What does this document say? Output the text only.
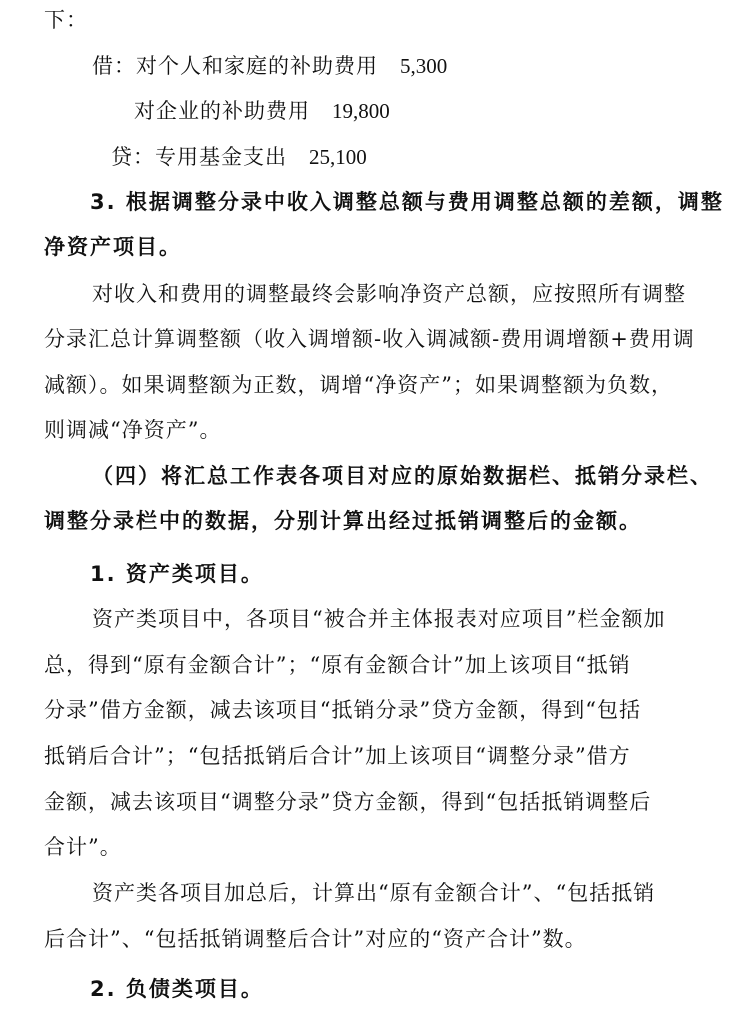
下：
借：对个人和家庭的补助费用 5,300
对企业的补助费用 19,800
贷：专用基金支出 25,100
3. 根据调整分录中收入调整总额与费用调整总额的差额，调整
净资产项目。
对收入和费用的调整最终会影响净资产总额，应按照所有调整
分录汇总计算调整额（收入调增额-收入调减额-费用调增额+费用调
减额）。如果调整额为正数，调增“净资产”；如果调整额为负数，
则调减“净资产”。
（四）将汇总工作表各项目对应的原始数据栏、抵销分录栏、
调整分录栏中的数据，分别计算出经过抵销调整后的金额。
1. 资产类项目。
资产类项目中，各项目“被合并主体报表对应项目”栏金额加
总，得到“原有金额合计”；“原有金额合计”加上该项目“抵销
分录”借方金额，减去该项目“抵销分录”贷方金额，得到“包括
抵销后合计”；“包括抵销后合计”加上该项目“调整分录”借方
金额，减去该项目“调整分录”贷方金额，得到“包括抵销调整后
合计”。
资产类各项目加总后，计算出“原有金额合计”、“包括抵销
后合计”、“包括抵销调整后合计”对应的“资产合计”数。
2. 负债类项目。
